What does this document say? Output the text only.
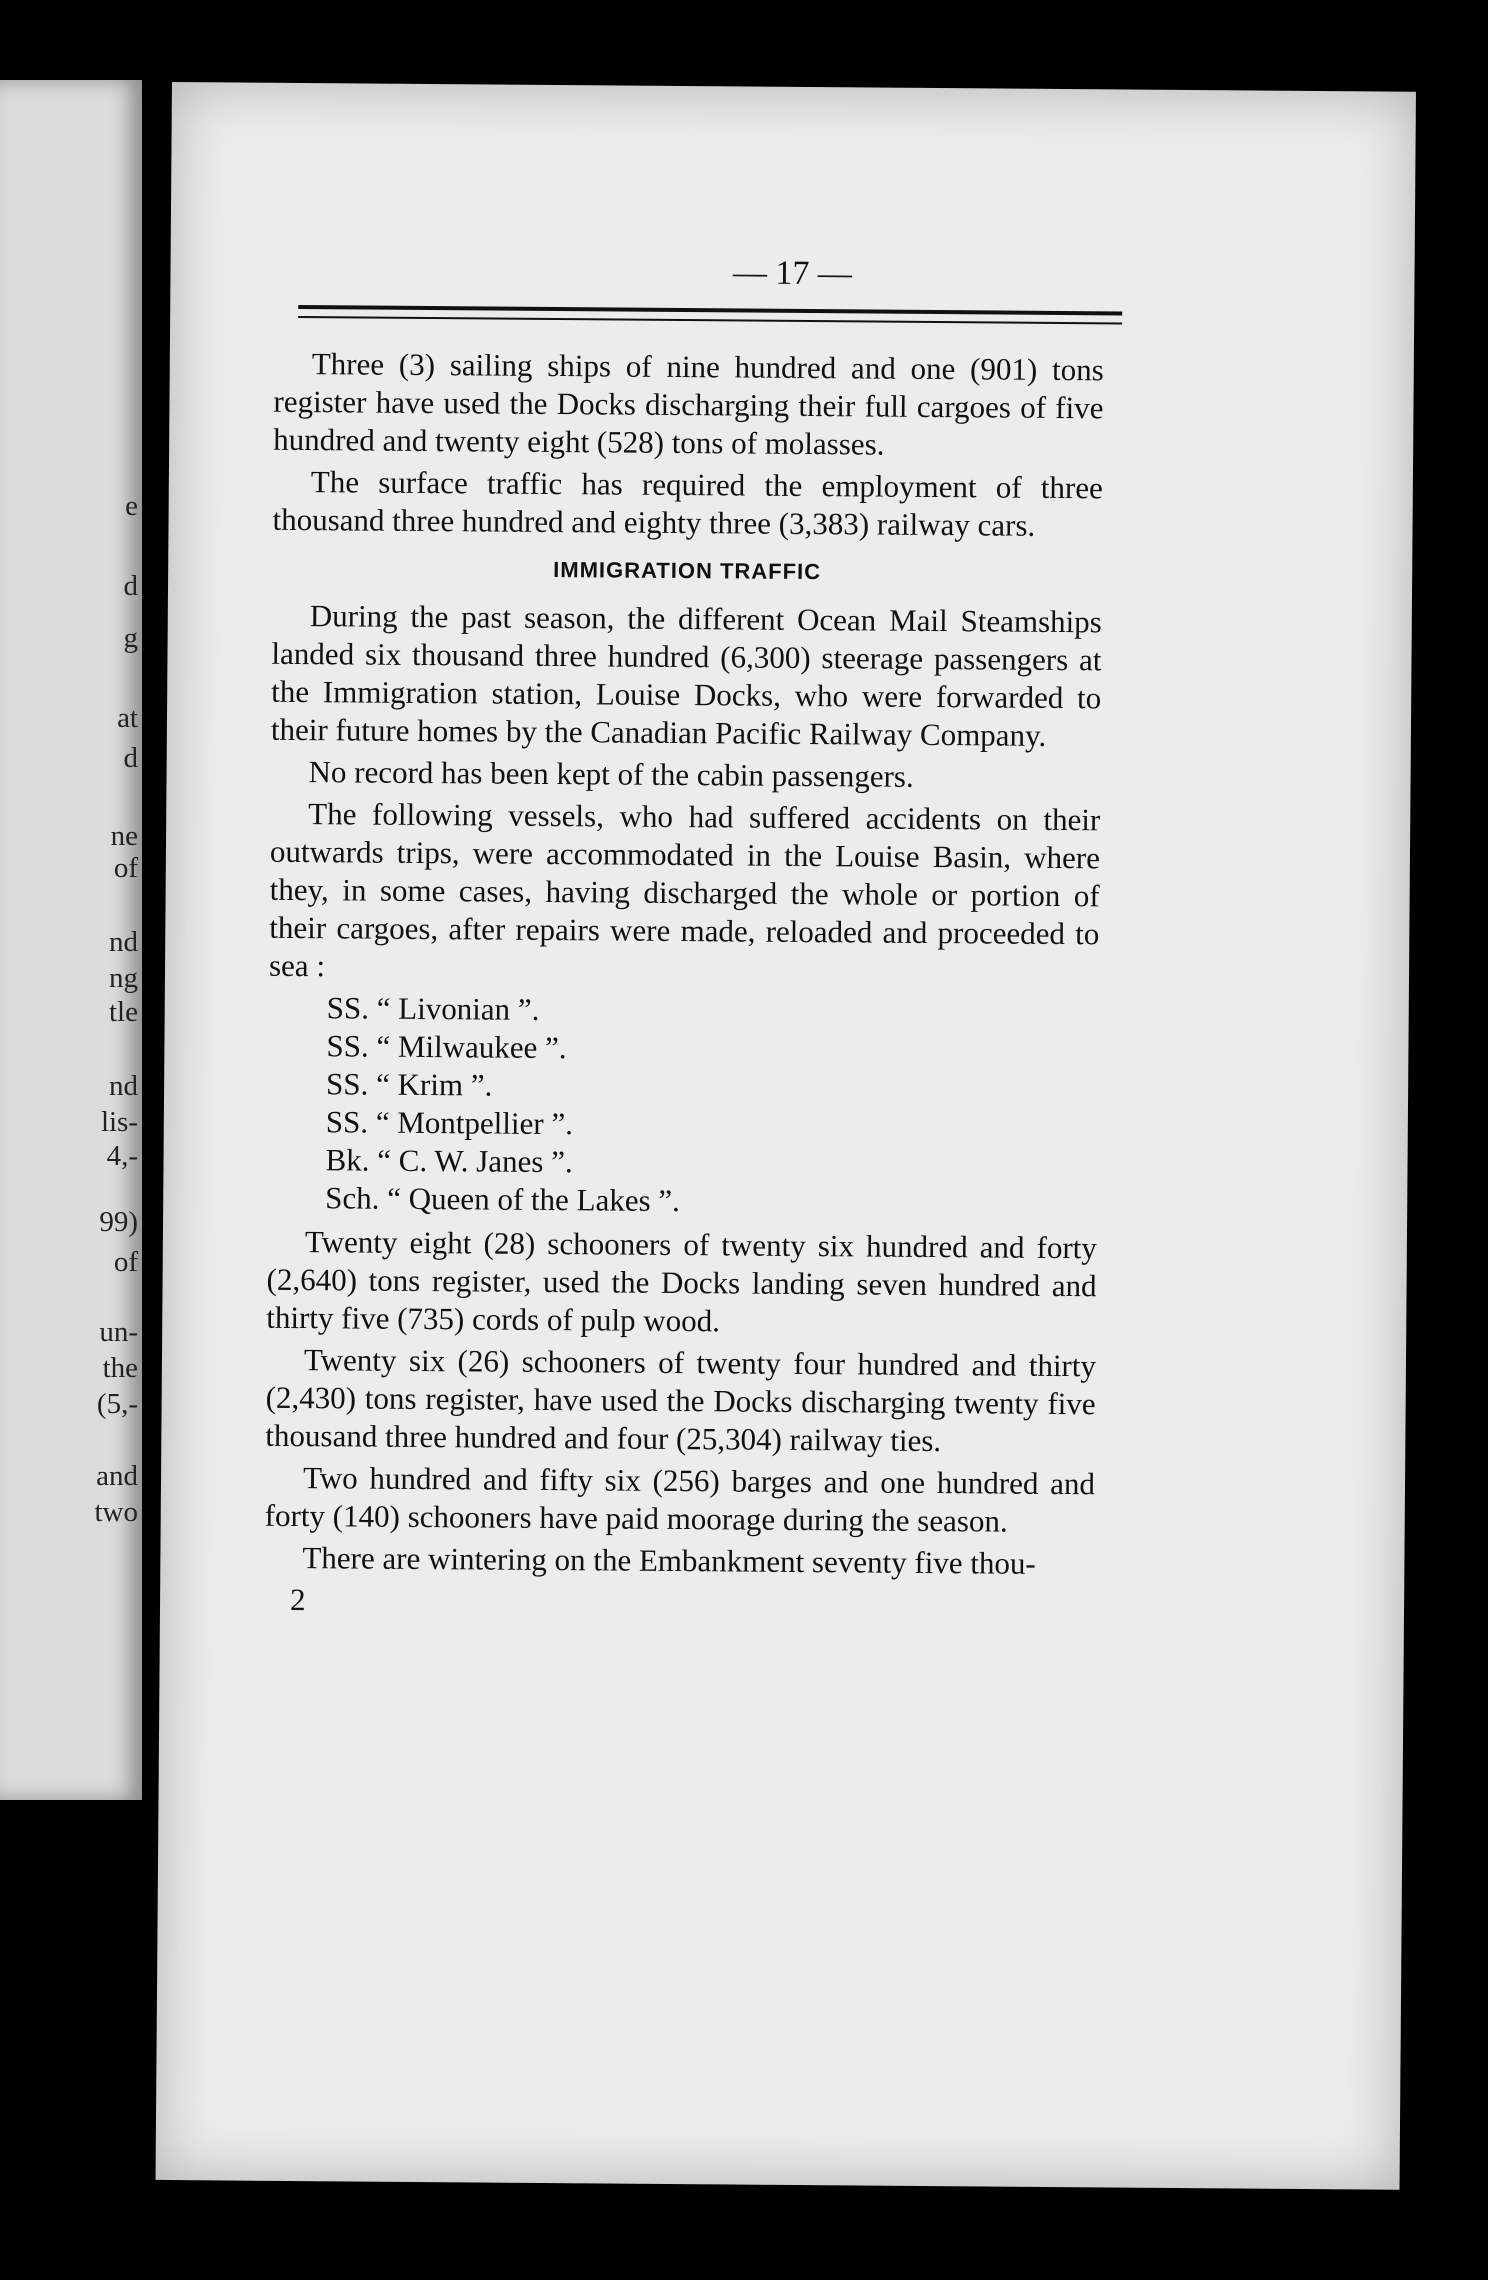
e
d
g
at
d
ne
of
nd
ng
tle
nd
lis-
4,-
99)
of
un-
the
(5,-
and
two
— 17 —

Three (3) sailing ships of nine hundred and one (901) tons register have used the Docks discharging their full cargoes of five hundred and twenty eight (528) tons of molasses.

The surface traffic has required the employment of three thousand three hundred and eighty three (3,383) railway cars.

IMMIGRATION TRAFFIC

During the past season, the different Ocean Mail Steamships landed six thousand three hundred (6,300) steerage passengers at the Immigration station, Louise Docks, who were forwarded to their future homes by the Canadian Pacific Railway Company.

No record has been kept of the cabin passengers.

The following vessels, who had suffered accidents on their outwards trips, were accommodated in the Louise Basin, where they, in some cases, having discharged the whole or portion of their cargoes, after repairs were made, reloaded and proceeded to sea :

SS. “ Livonian ”.
SS. “ Milwaukee ”.
SS. “ Krim ”.
SS. “ Montpellier ”.
Bk. “ C. W. Janes ”.
Sch. “ Queen of the Lakes ”.

Twenty eight (28) schooners of twenty six hundred and forty (2,640) tons register, used the Docks landing seven hundred and thirty five (735) cords of pulp wood.

Twenty six (26) schooners of twenty four hundred and thirty (2,430) tons register, have used the Docks discharging twenty five thousand three hundred and four (25,304) railway ties.

Two hundred and fifty six (256) barges and one hundred and forty (140) schooners have paid moorage during the season.

There are wintering on the Embankment seventy five thou-

2
